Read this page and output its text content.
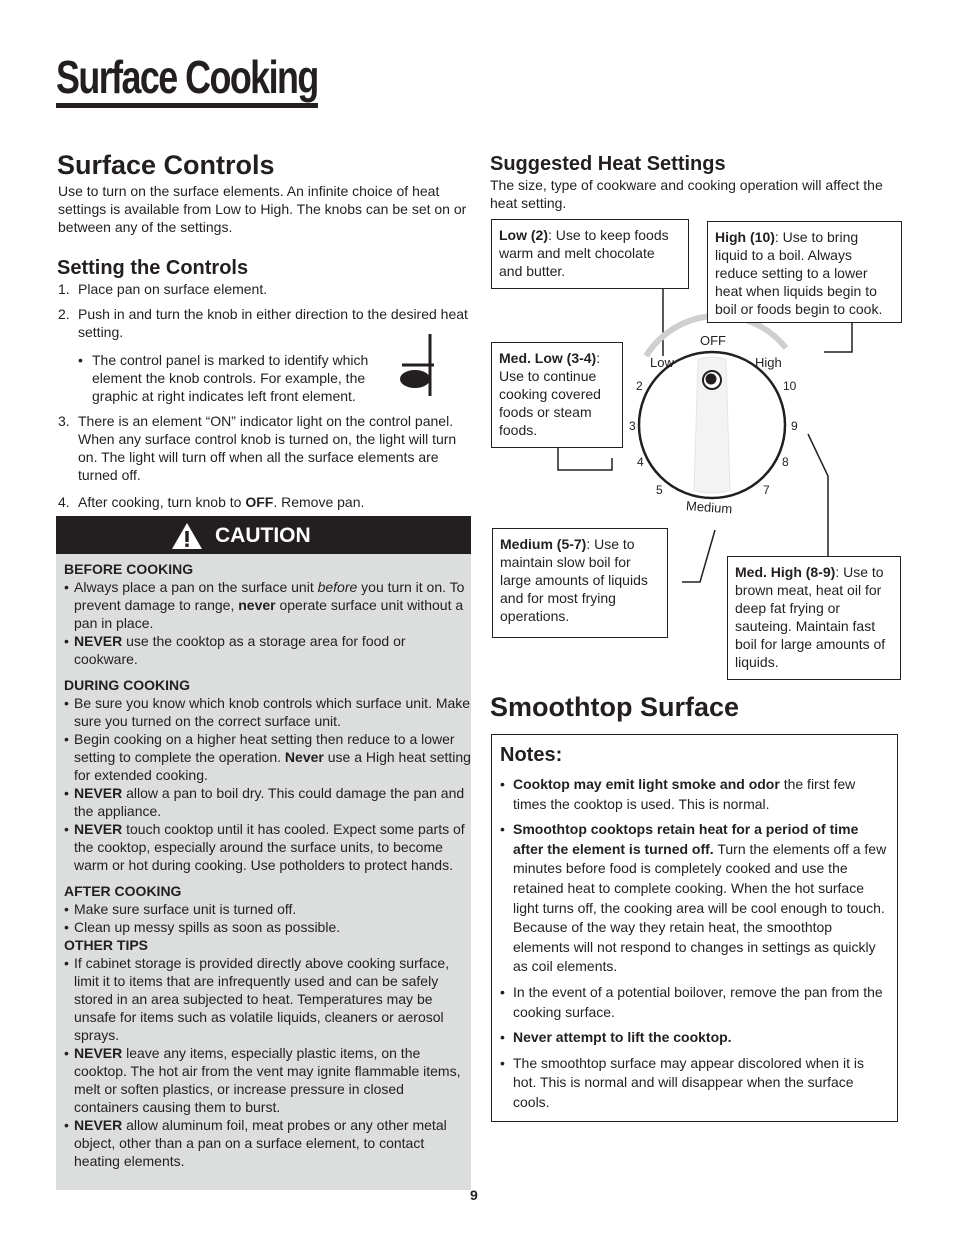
Surface Cooking
Surface Controls
Use to turn on the surface elements. An infinite choice of heat settings is available from Low to High. The knobs can be set on or between any of the settings.
Setting the Controls
1. Place pan on surface element.
2. Push in and turn the knob in either direction to the desired heat setting.
• The control panel is marked to identify which element the knob controls. For example, the graphic at right indicates left front element.
3. There is an element “ON” indicator light on the control panel. When any surface control knob is turned on, the light will turn on. The light will turn off when all the surface elements are turned off.
4. After cooking, turn knob to OFF. Remove pan.
CAUTION
BEFORE COOKING
• Always place a pan on the surface unit before you turn it on. To prevent damage to range, never operate surface unit without a pan in place.
• NEVER use the cooktop as a storage area for food or cookware.
DURING COOKING
• Be sure you know which knob controls which surface unit. Make sure you turned on the correct surface unit.
• Begin cooking on a higher heat setting then reduce to a lower setting to complete the operation. Never use a High heat setting for extended cooking.
• NEVER allow a pan to boil dry. This could damage the pan and the appliance.
• NEVER touch cooktop until it has cooled. Expect some parts of the cooktop, especially around the surface units, to become warm or hot during cooking. Use potholders to protect hands.
AFTER COOKING
• Make sure surface unit is turned off.
• Clean up messy spills as soon as possible.
OTHER TIPS
• If cabinet storage is provided directly above cooking surface, limit it to items that are infrequently used and can be safely stored in an area subjected to heat. Temperatures may be unsafe for items such as volatile liquids, cleaners or aerosol sprays.
• NEVER leave any items, especially plastic items, on the cooktop. The hot air from the vent may ignite flammable items, melt or soften plastics, or increase pressure in closed containers causing them to burst.
• NEVER allow aluminum foil, meat probes or any other metal object, other than a pan on a surface element, to contact heating elements.
Suggested Heat Settings
The size, type of cookware and cooking operation will affect the heat setting.
OFF
Low	High
2
3
4
5	7
8
9
10
Medium
Low (2): Use to keep foods warm and melt chocolate and butter.
High (10): Use to bring liquid to a boil. Always reduce setting to a lower heat when liquids begin to boil or foods begin to cook.
Med. Low (3-4): Use to continue cooking covered foods or steam foods.
Medium (5-7): Use to maintain slow boil for large amounts of liquids and for most frying operations.
Med. High (8-9): Use to brown meat, heat oil for deep fat frying or sauteing. Maintain fast boil for large amounts of liquids.
Smoothtop Surface
Notes:
• Cooktop may emit light smoke and odor the first few times the cooktop is used. This is normal.
• Smoothtop cooktops retain heat for a period of time after the element is turned off. Turn the elements off a few minutes before food is completely cooked and use the retained heat to complete cooking. When the hot surface light turns off, the cooking area will be cool enough to touch. Because of the way they retain heat, the smoothtop elements will not respond to changes in settings as quickly as coil elements.
• In the event of a potential boilover, remove the pan from the cooking surface.
• Never attempt to lift the cooktop.
• The smoothtop surface may appear discolored when it is hot. This is normal and will disappear when the surface cools.
9
